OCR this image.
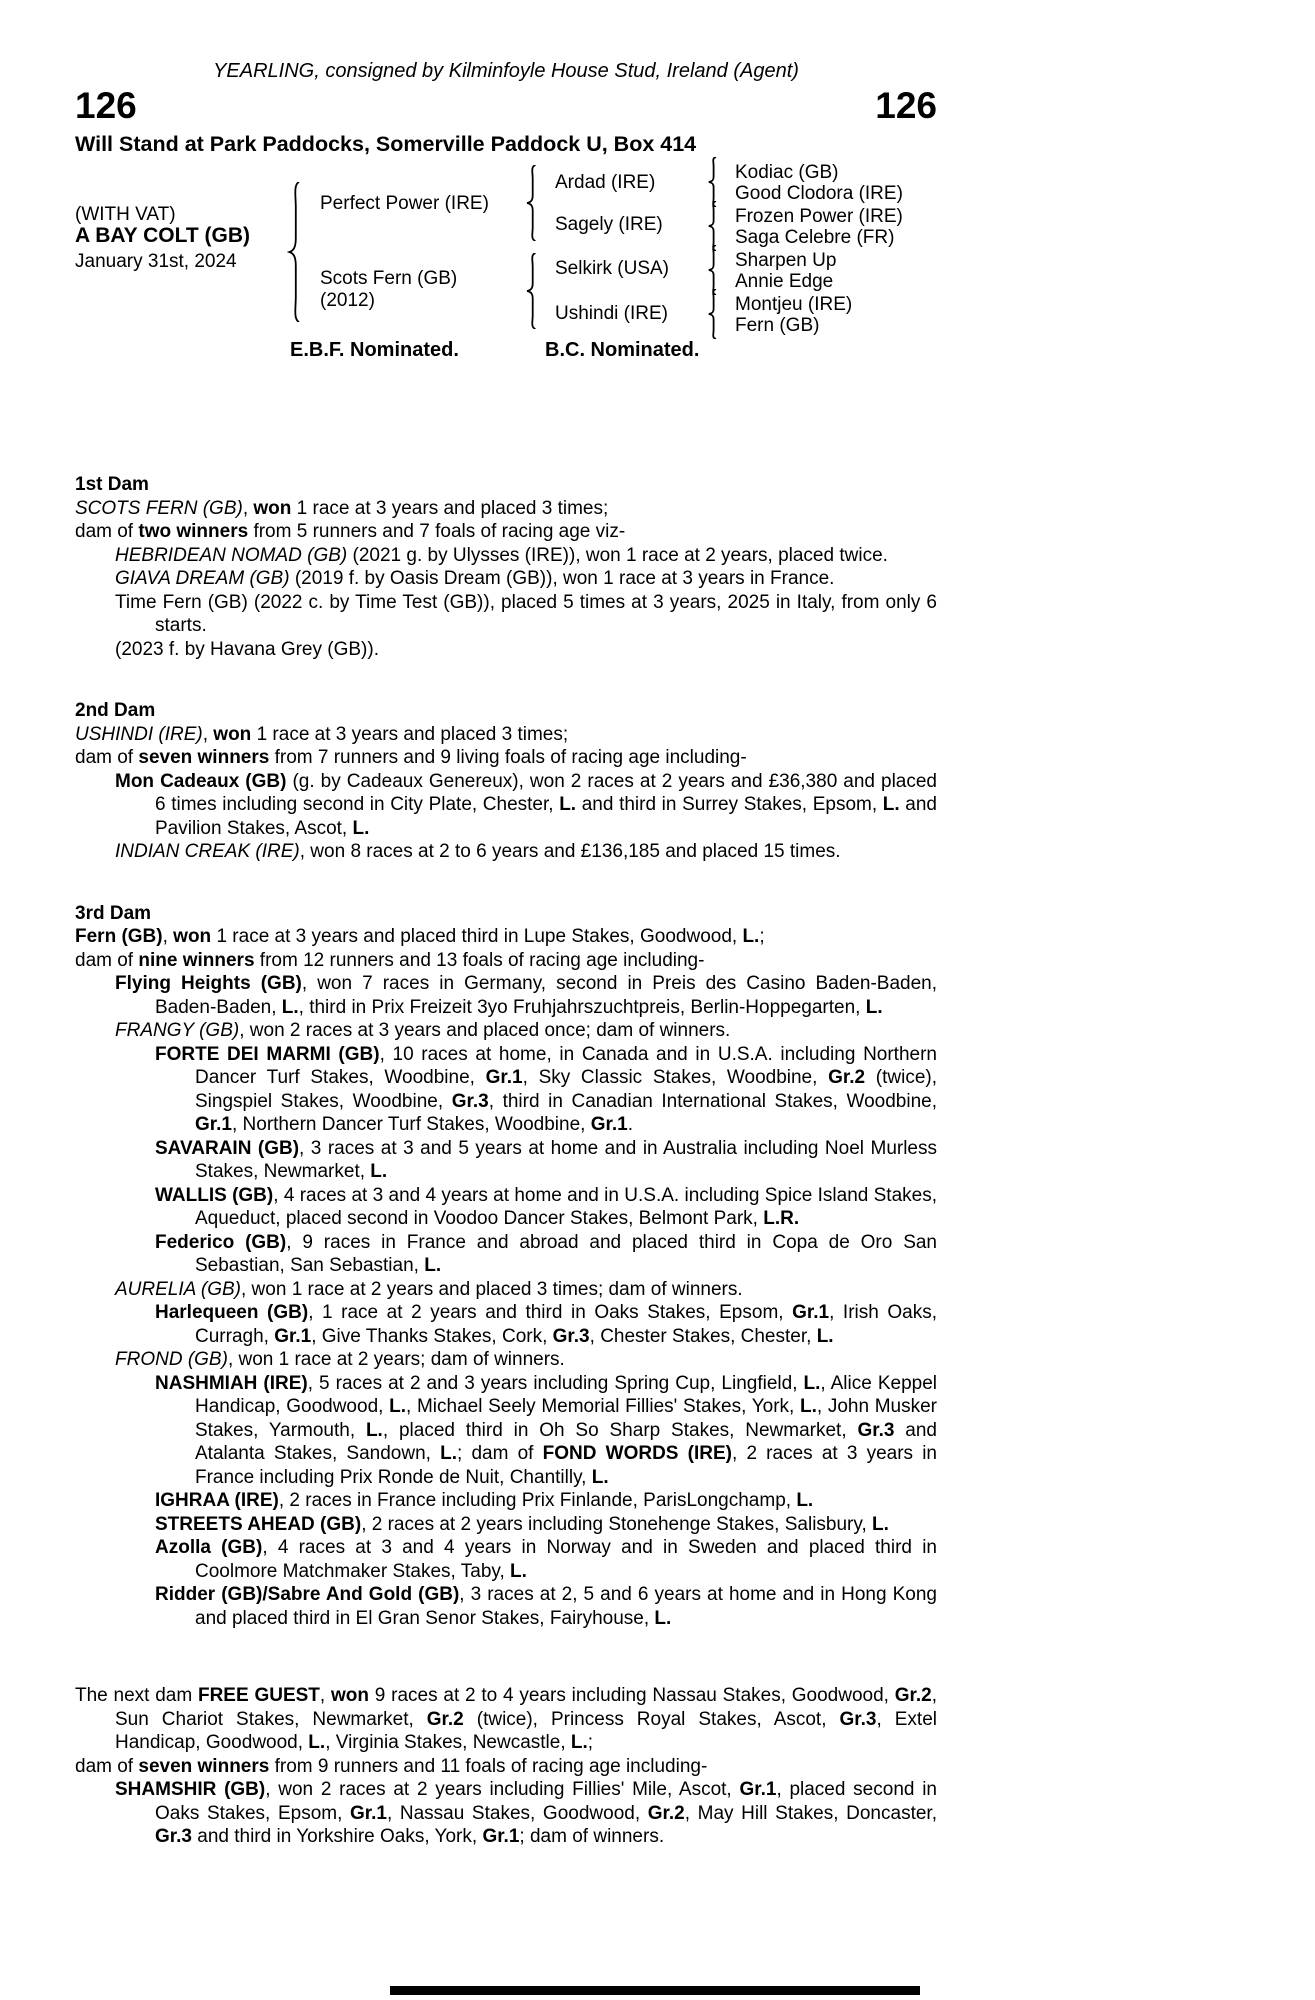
YEARLING, consigned by Kilminfoyle House Stud, Ireland (Agent)
126	126
Will Stand at Park Paddocks, Somerville Paddock U, Box 414
(WITH VAT)
A BAY COLT (GB)
January 31st, 2024
Perfect Power (IRE)
Scots Fern (GB)
(2012)
Ardad (IRE)
Sagely (IRE)
Selkirk (USA)
Ushindi (IRE)
Kodiac (GB)
Good Clodora (IRE)
Frozen Power (IRE)
Saga Celebre (FR)
Sharpen Up
Annie Edge
Montjeu (IRE)
Fern (GB)
E.B.F. Nominated.	B.C. Nominated.
1st Dam
SCOTS FERN (GB), won 1 race at 3 years and placed 3 times;
dam of two winners from 5 runners and 7 foals of racing age viz-
HEBRIDEAN NOMAD (GB) (2021 g. by Ulysses (IRE)), won 1 race at 2 years, placed twice.
GIAVA DREAM (GB) (2019 f. by Oasis Dream (GB)), won 1 race at 3 years in France.
Time Fern (GB) (2022 c. by Time Test (GB)), placed 5 times at 3 years, 2025 in Italy, from only 6 starts.
(2023 f. by Havana Grey (GB)).
2nd Dam
USHINDI (IRE), won 1 race at 3 years and placed 3 times;
dam of seven winners from 7 runners and 9 living foals of racing age including-
Mon Cadeaux (GB) (g. by Cadeaux Genereux), won 2 races at 2 years and £36,380 and placed 6 times including second in City Plate, Chester, L. and third in Surrey Stakes, Epsom, L. and Pavilion Stakes, Ascot, L.
INDIAN CREAK (IRE), won 8 races at 2 to 6 years and £136,185 and placed 15 times.
3rd Dam
Fern (GB), won 1 race at 3 years and placed third in Lupe Stakes, Goodwood, L.;
dam of nine winners from 12 runners and 13 foals of racing age including-
Flying Heights (GB), won 7 races in Germany, second in Preis des Casino Baden-Baden, Baden-Baden, L., third in Prix Freizeit 3yo Fruhjahrszuchtpreis, Berlin-Hoppegarten, L.
FRANGY (GB), won 2 races at 3 years and placed once; dam of winners.
FORTE DEI MARMI (GB), 10 races at home, in Canada and in U.S.A. including Northern Dancer Turf Stakes, Woodbine, Gr.1, Sky Classic Stakes, Woodbine, Gr.2 (twice), Singspiel Stakes, Woodbine, Gr.3, third in Canadian International Stakes, Woodbine, Gr.1, Northern Dancer Turf Stakes, Woodbine, Gr.1.
SAVARAIN (GB), 3 races at 3 and 5 years at home and in Australia including Noel Murless Stakes, Newmarket, L.
WALLIS (GB), 4 races at 3 and 4 years at home and in U.S.A. including Spice Island Stakes, Aqueduct, placed second in Voodoo Dancer Stakes, Belmont Park, L.R.
Federico (GB), 9 races in France and abroad and placed third in Copa de Oro San Sebastian, San Sebastian, L.
AURELIA (GB), won 1 race at 2 years and placed 3 times; dam of winners.
Harlequeen (GB), 1 race at 2 years and third in Oaks Stakes, Epsom, Gr.1, Irish Oaks, Curragh, Gr.1, Give Thanks Stakes, Cork, Gr.3, Chester Stakes, Chester, L.
FROND (GB), won 1 race at 2 years; dam of winners.
NASHMIAH (IRE), 5 races at 2 and 3 years including Spring Cup, Lingfield, L., Alice Keppel Handicap, Goodwood, L., Michael Seely Memorial Fillies' Stakes, York, L., John Musker Stakes, Yarmouth, L., placed third in Oh So Sharp Stakes, Newmarket, Gr.3 and Atalanta Stakes, Sandown, L.; dam of FOND WORDS (IRE), 2 races at 3 years in France including Prix Ronde de Nuit, Chantilly, L.
IGHRAA (IRE), 2 races in France including Prix Finlande, ParisLongchamp, L.
STREETS AHEAD (GB), 2 races at 2 years including Stonehenge Stakes, Salisbury, L.
Azolla (GB), 4 races at 3 and 4 years in Norway and in Sweden and placed third in Coolmore Matchmaker Stakes, Taby, L.
Ridder (GB)/Sabre And Gold (GB), 3 races at 2, 5 and 6 years at home and in Hong Kong and placed third in El Gran Senor Stakes, Fairyhouse, L.
The next dam FREE GUEST, won 9 races at 2 to 4 years including Nassau Stakes, Goodwood, Gr.2, Sun Chariot Stakes, Newmarket, Gr.2 (twice), Princess Royal Stakes, Ascot, Gr.3, Extel Handicap, Goodwood, L., Virginia Stakes, Newcastle, L.;
dam of seven winners from 9 runners and 11 foals of racing age including-
SHAMSHIR (GB), won 2 races at 2 years including Fillies' Mile, Ascot, Gr.1, placed second in Oaks Stakes, Epsom, Gr.1, Nassau Stakes, Goodwood, Gr.2, May Hill Stakes, Doncaster, Gr.3 and third in Yorkshire Oaks, York, Gr.1; dam of winners.
